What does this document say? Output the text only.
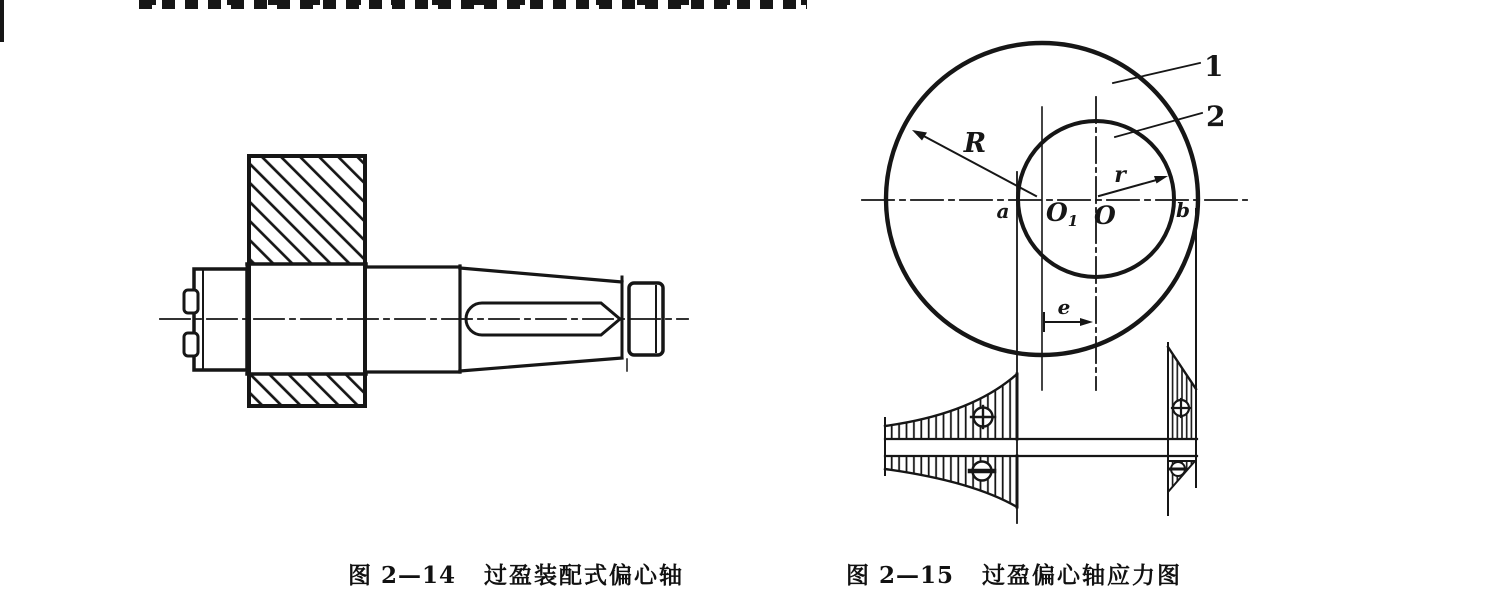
R
r
a $O_1$ O	b
e
1
2
图 2—14 过盈装配式偏心轴	图 2—15 过盈偏心轴应力图
